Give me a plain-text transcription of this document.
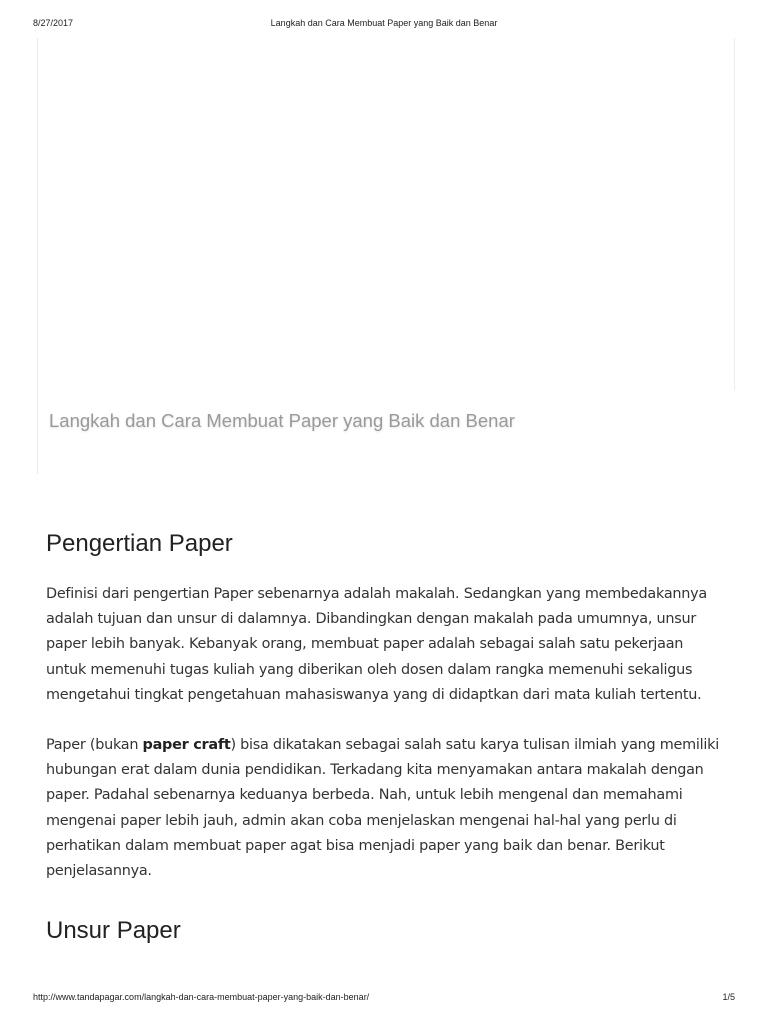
8/27/2017	Langkah dan Cara Membuat Paper yang Baik dan Benar
Langkah dan Cara Membuat Paper yang Baik dan Benar
Pengertian Paper

Definisi dari pengertian Paper sebenarnya adalah makalah. Sedangkan yang membedakannya
adalah tujuan dan unsur di dalamnya. Dibandingkan dengan makalah pada umumnya, unsur
paper lebih banyak. Kebanyak orang, membuat paper adalah sebagai salah satu pekerjaan
untuk memenuhi tugas kuliah yang diberikan oleh dosen dalam rangka memenuhi sekaligus
mengetahui tingkat pengetahuan mahasiswanya yang di didaptkan dari mata kuliah tertentu.

Paper (bukan paper craft) bisa dikatakan sebagai salah satu karya tulisan ilmiah yang memiliki
hubungan erat dalam dunia pendidikan. Terkadang kita menyamakan antara makalah dengan
paper. Padahal sebenarnya keduanya berbeda. Nah, untuk lebih mengenal dan memahami
mengenai paper lebih jauh, admin akan coba menjelaskan mengenai hal-hal yang perlu di
perhatikan dalam membuat paper agat bisa menjadi paper yang baik dan benar. Berikut
penjelasannya.

Unsur Paper
http://www.tandapagar.com/langkah-dan-cara-membuat-paper-yang-baik-dan-benar/	1/5
